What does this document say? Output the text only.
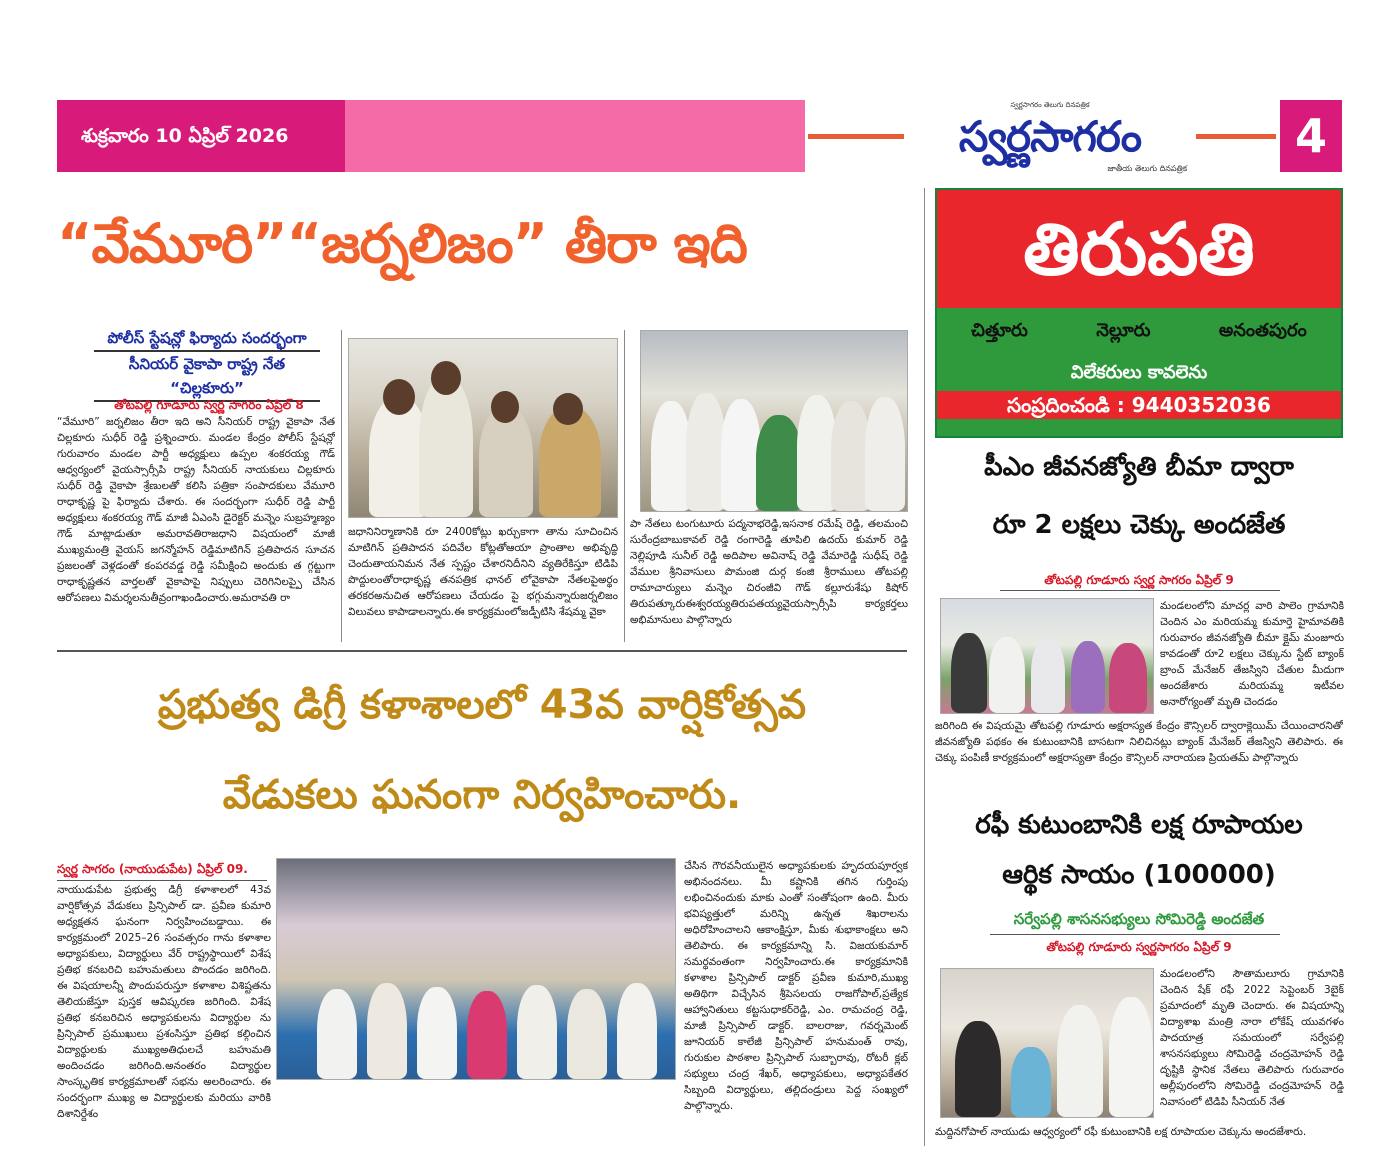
శుక్రవారం 10 ఏప్రిల్ 2026
స్వర్ణసాగరం తెలుగు దినపత్రిక
స్వర్ణసాగరం
జాతీయ తెలుగు దినపత్రిక
4
“వేమూరి”“జర్నలిజం” తీరా ఇది
పోలీస్ స్టేషన్లో ఫిర్యాదు సందర్భంగా
సీనియర్ వైకాపా రాష్ట్ర నేత “చిల్లకూరు”
తోటపల్లి గూడూరు స్వర్ణ సాగరం ఏప్రిల్ 8
“వేమూరి” జర్నలిజం తీరా ఇది అని సీనియర్ రాష్ట్ర వైకాపా నేత చిల్లకూరు సుధీర్ రెడ్డి ప్రశ్నించారు. మండల కేంద్రం పోలీస్ స్టేషన్లో గురువారం మండల పార్టీ అధ్యక్షులు ఉప్పల శంకరయ్య గౌడ్ ఆధ్వర్యంలో వైయస్సార్సీపి రాష్ట్ర సీనియర్ నాయకులు చిల్లకూరు సుధీర్ రెడ్డి వైకాపా శ్రేణులతో కలిసి పత్రికా సంపాదకులు వేమూరి రాధాకృష్ణ పై ఫిర్యాదు చేశారు. ఈ సందర్భంగా సుధీర్ రెడ్డి పార్టీ అధ్యక్షులు శంకరయ్య గౌడ్ మాజీ ఏఎంసి డైరెక్టర్ మన్నెం సుబ్రహ్మణ్యం గౌడ్ మాట్లాడుతూ అమరావతిరాజధాని విషయంలో మాజీ ముఖ్యమంత్రి వైయస్ జగన్మోహన్ రెడ్డిమాటిగిన్ ప్రతిపాదన సూచన ప్రజలంతో వెళ్లడంతో కంపరవడ్డ రెడ్డి సమీక్షించి అందుకు త గ్గట్టుగా రాధాకృష్ణతన వార్తలతో వైకాపాపై నిప్పులు చెరిగినిలప్పై చేసిన ఆరోపణలు విమర్శలనుతీవ్రంగాఖండించారు.అమరావతి రా
జధానినిర్మాణానికి రూ 2400కోట్లు ఖర్చుకాగా తాను సూచించిన మాటిగిన్ ప్రతిపాదన పదివేల కోట్లతోఆయా ప్రాంతాల అభివృద్ధి చెందుతాయనిమన నేత స్పష్టం చేశారనిదీనిని వ్యతిరేకిస్తూ టిడిపి పొద్దులంతోరాధాకృష్ణ తనపత్రిక ఛానల్ లోవైకాపా నేతలపైఅర్థం తరకరఅనుచిత ఆరోపణలు చేయడం పై భగ్గుమన్నారుజర్నలిజం విలువలు కాపాడాలన్నారు.ఈ కార్యక్రమంలోజడ్పీటిసి శేషమ్మ వైకా
పా నేతలు టంగుటూరు పద్మనాభరెడ్డి,ఇసనాక రమేష్ రెడ్డి, తలమంచి సురేంద్రబాబుకావల్ రెడ్డి రంగారెడ్డి తూపిలి ఉదయ్ కుమార్ రెడ్డి నెల్లిపూడి సునీల్ రెడ్డి అదిపాల అవినాష్ రెడ్డి వేమారెడ్డి సుధీష్ రెడ్డి వేముల శ్రీనివాసులు పొమంజి దుర్గ కంజి శ్రీరాములు తోటపల్లి రామాచార్యులు మన్నెం చిరంజీవి గౌడ్ కల్లూరుశేషు కిషోర్ తిరుపత్కూరుఈశ్వరయ్యతిరుపతయ్యవైయస్సార్సీపి కార్యకర్తలు అభిమానులు పాల్గొన్నారు
తిరుపతి
చిత్తూరు	నెల్లూరు	అనంతపురం
విలేకరులు కావలెను
సంప్రదించండి : 9440352036
పీఎం జీవనజ్యోతి బీమా ద్వారా
రూ 2 లక్షలు చెక్కు అందజేత
తోటపల్లి గూడూరు స్వర్ణ సాగరం ఏప్రిల్ 9
మండలంలోని మాచర్ల వారి పాలెం గ్రామానికి చెందిన ఎం మరియమ్మ కుమార్తె హైమావతికి గురువారం జీవనజ్యోతి బీమా క్లైమ్ మంజూరు కావడంతో రూ2 లక్షలు చెక్కును స్టేట్ బ్యాంక్ బ్రాంచ్ మేనేజర్ తేజస్విని చేతుల మీదుగా అందజేశారు మరియమ్మ ఇటీవల అనారోగ్యంతో మృతి చెందడం
జరిగింది ఈ విషయమై తోటపల్లి గూడూరు అక్షరాస్యత కేంద్రం కౌన్సిలర్ ద్వారాక్లెయిమ్ చేయించారనితో జీవనజ్యోతి పథకం ఈ కుటుంబానికి బాసటగా నిలిచినట్లు బ్యాంక్ మేనేజర్ తేజస్విని తెలిపారు. ఈ చెక్కు పంపిణీ కార్యక్రమంలో అక్షరాస్యతా కేంద్రం కౌన్సిలర్ నారాయణ ప్రియతమ్ పాల్గొన్నారు
ప్రభుత్వ డిగ్రీ కళాశాలలో 43వ వార్షికోత్సవ
వేడుకలు ఘనంగా నిర్వహించారు.
స్వర్ణ సాగరం (నాయుడుపేట) ఏప్రిల్ 09.
నాయుడుపేట ప్రభుత్వ డిగ్రీ కళాశాలలో 43వ వార్షికోత్సవ వేడుకలు ప్రిన్సిపాల్ డా. ప్రవీణ కుమారి అధ్యక్షతన ఘనంగా నిర్వహించబడ్డాయి. ఈ కార్యక్రమంలో 2025–26 సంవత్సరం గాను కళాశాల అధ్యాపకులు, విద్యార్థులు వేర్ రాష్ట్రస్థాయిలో విశేష ప్రతిభ కనబరిచి బహుమతులు పొందడం జరిగింది. ఈ విషయాలన్నీ పొందుపరుస్తూ కళాశాల విశిష్టతను తెలియజేస్తూ పుస్తక ఆవిష్కరణ జరిగింది. విశేష ప్రతిభ కనబరిచిన అధ్యాపకులను విద్యార్థుల ను ప్రిన్సిపాల్ ప్రముఖులు ప్రశంసిస్తూ ప్రతిభ కల్గించిన విద్యార్థులకు ముఖ్యఅతిధులచే బహుమతి అందించడం జరిగింది.అనంతరం విద్యార్థుల సాంస్కృతిక కార్యక్రమాలతో సభను అలరించారు. ఈ సందర్భంగా ముఖ్య అ విద్యార్థులకు మరియు వారికి దిశానిర్దేశం
చేసిన గౌరవనీయులైన అధ్యాపకులకు హృదయపూర్వక అభినందనలు. మీ కష్టానికి తగిన గుర్తింపు లభించినందుకు మాకు ఎంతో సంతోషంగా ఉంది. మీరు భవిష్యత్తులో మరిన్ని ఉన్నత శిఖరాలను అధిరోహించాలని ఆకాంక్షిస్తూ, మీకు శుభాకాంక్షలు అని తెలిపారు. ఈ కార్యక్రమాన్ని సి. విజయకుమార్ సమర్థవంతంగా నిర్వహించారు.ఈ కార్యక్రమానికి కళాశాల ప్రిన్సిపాల్ డాక్టర్ ప్రవీణ కుమారి,ముఖ్య అతిథిగా విచ్చేసిన శ్రీపెసలయ రాజగోపాల్,ప్రత్యేక ఆహ్వానితులు కట్టసుధాకర్‌రెడ్డి, ఎం. రామచంద్ర రెడ్డి, మాజీ ప్రిన్సిపాల్ డాక్టర్. బాలరాజు, గవర్నమెంట్ జూనియర్ కాలేజీ ప్రిన్సిపాల్ హనుమంత్ రావు, గురుకుల పాఠశాల ప్రిన్సిపాల్ సుబ్బారావు, రోటరీ క్లబ్ సభ్యులు చంద్ర శేఖర్, అధ్యాపకులు, అధ్యాపకేతర సిబ్బంది విద్యార్థులు, తల్లిదండ్రులు పెద్ద సంఖ్యలో పాల్గొన్నారు.
రఫీ కుటుంబానికి లక్ష రూపాయల
ఆర్థిక సాయం (100000)
సర్వేపల్లి శాసనసభ్యులు సోమిరెడ్డి అందజేత
తోటపల్లి గూడూరు స్వర్ణసాగరం ఏప్రిల్ 9
మండలంలోని సౌతామలూరు గ్రామానికి చెందిన షేక్ రఫీ 2022 సెప్టెంబర్ 3బైక్ ప్రమాదంలో మృతి చెందారు. ఈ విషయాన్ని విద్యాశాఖ మంత్రి నారా లోకేష్ యువగళం పాదయాత్ర సమయంలో సర్వేపల్లి శాసనసభ్యులు సోమిరెడ్డి చంద్రమోహన్ రెడ్డి దృష్టికి స్థానిక నేతలు తెలిపారు గురువారం అల్లీపురంలోని సోమిరెడ్డి చంద్రమోహన్ రెడ్డి నివాసంలో టిడిపి సీనియర్ నేత
మద్దినగోపాల్ నాయుడు ఆధ్వర్యంలో రఫీ కుటుంబానికి లక్ష రూపాయల చెక్కును అందజేశారు.
